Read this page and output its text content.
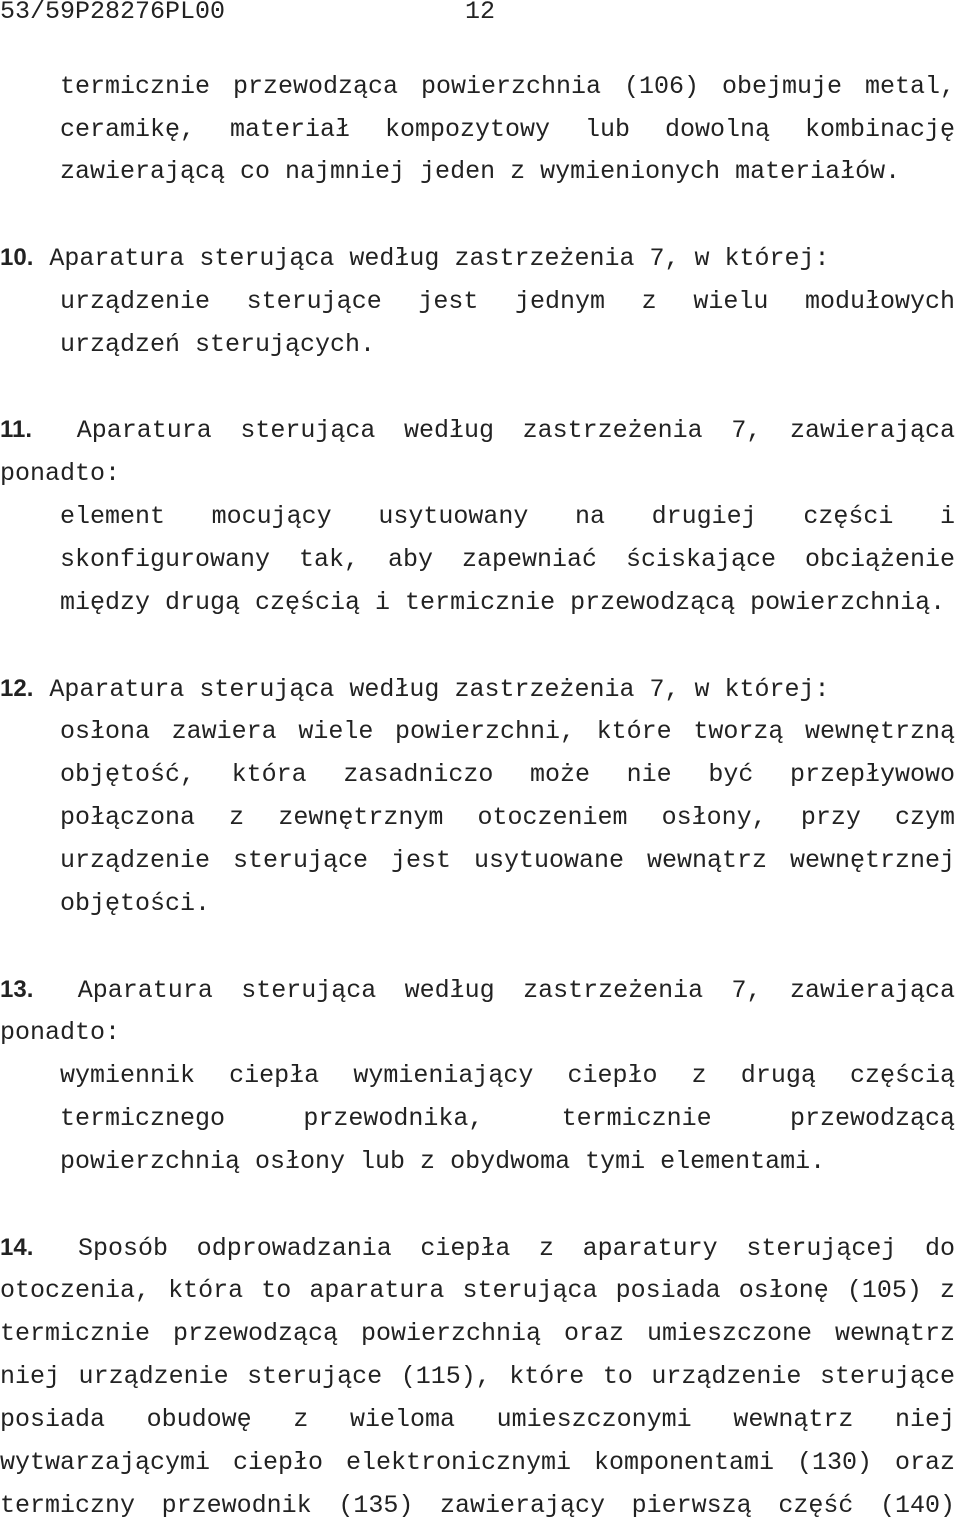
53/59P28276PL00	12
termicznie przewodząca powierzchnia (106) obejmuje metal,
ceramikę, materiał kompozytowy lub dowolną kombinację
zawierającą co najmniej jeden z wymienionych materiałów.
10. Aparatura sterująca według zastrzeżenia 7, w której:
urządzenie sterujące jest jednym z wielu modułowych
urządzeń sterujących.
11. Aparatura sterująca według zastrzeżenia 7, zawierająca
ponadto:
element mocujący usytuowany na drugiej części i
skonfigurowany tak, aby zapewniać ściskające obciążenie
między drugą częścią i termicznie przewodzącą powierzchnią.
12. Aparatura sterująca według zastrzeżenia 7, w której:
osłona zawiera wiele powierzchni, które tworzą wewnętrzną
objętość, która zasadniczo może nie być przepływowo
połączona z zewnętrznym otoczeniem osłony, przy czym
urządzenie sterujące jest usytuowane wewnątrz wewnętrznej
objętości.
13. Aparatura sterująca według zastrzeżenia 7, zawierająca
ponadto:
wymiennik ciepła wymieniający ciepło z drugą częścią
termicznego przewodnika, termicznie przewodzącą
powierzchnią osłony lub z obydwoma tymi elementami.
14. Sposób odprowadzania ciepła z aparatury sterującej do
otoczenia, która to aparatura sterująca posiada osłonę (105) z
termicznie przewodzącą powierzchnią oraz umieszczone wewnątrz
niej urządzenie sterujące (115), które to urządzenie sterujące
posiada obudowę z wieloma umieszczonymi wewnątrz niej
wytwarzającymi ciepło elektronicznymi komponentami (130) oraz
termiczny przewodnik (135) zawierający pierwszą część (140)
